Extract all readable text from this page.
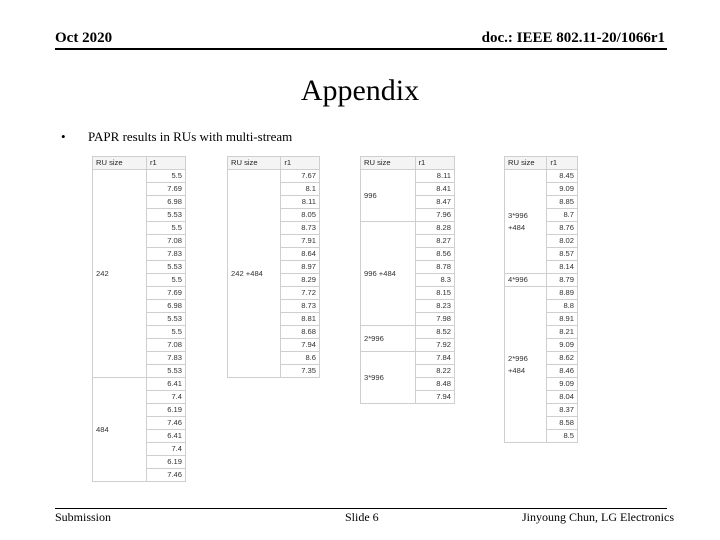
Oct 2020	doc.: IEEE 802.11-20/1066r1
Appendix
• PAPR results in RUs with multi-stream
RU size	r1
242	5.5
	7.69
	6.98
	5.53
	5.5
	7.08
	7.83
	5.53
	5.5
	7.69
	6.98
	5.53
	5.5
	7.08
	7.83
	5.53
484	6.41
	7.4
	6.19
	7.46
	6.41
	7.4
	6.19
	7.46
RU size	r1
242 +484	7.67
	8.1
	8.11
	8.05
	8.73
	7.91
	8.64
	8.97
	8.29
	7.72
	8.73
	8.81
	8.68
	7.94
	8.6
	7.35
RU size	r1
996	8.11
	8.41
	8.47
	7.96
996 +484	8.28
	8.27
	8.56
	8.78
	8.3
	8.15
	8.23
	7.98
2*996	8.52
	7.92
3*996	7.84
	8.22
	8.48
	7.94
RU size	r1
3*996 +484	8.45
	9.09
	8.85
	8.7
	8.76
	8.02
	8.57
	8.14
4*996	8.79
2*996 +484	8.89
	8.8
	8.91
	8.21
	9.09
	8.62
	8.46
	9.09
	8.04
	8.37
	8.58
	8.5
Submission	Slide 6	Jinyoung Chun, LG Electronics
